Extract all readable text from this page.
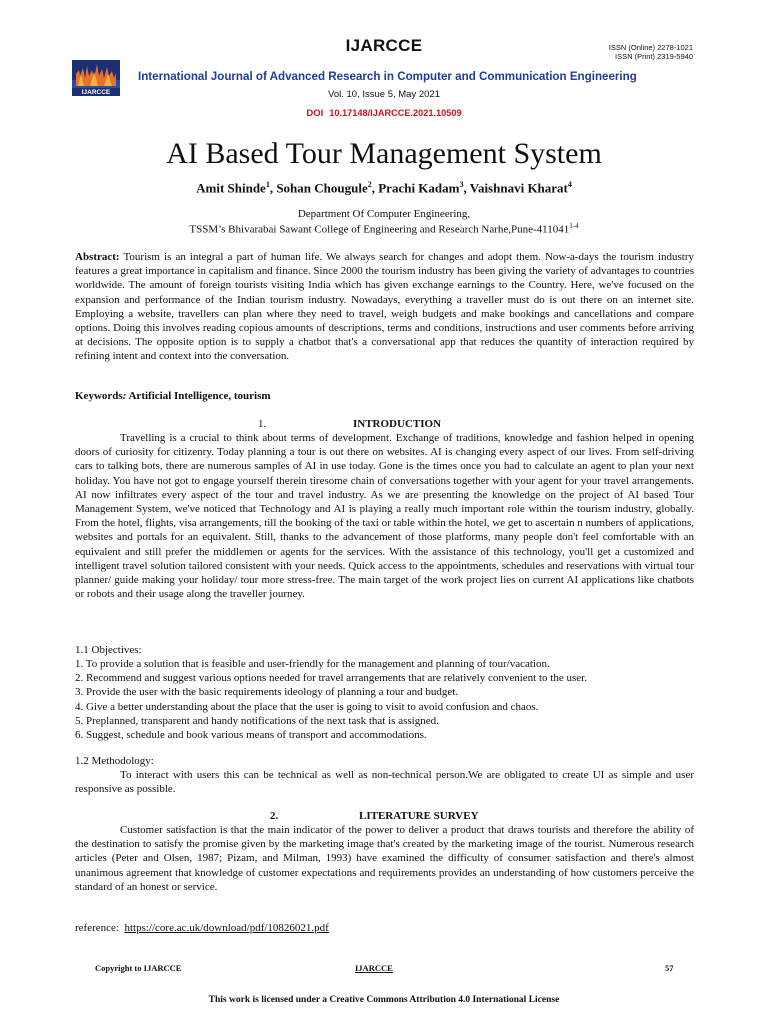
IJARCCE	ISSN (Online) 2278-1021
ISSN (Print) 2319-5940
IJARCCE
International Journal of Advanced Research in Computer and Communication Engineering
Vol. 10, Issue 5, May 2021
DOI 10.17148/IJARCCE.2021.10509
AI Based Tour Management System
Amit Shinde$^1$, Sohan Chougule$^2$, Prachi Kadam$^3$, Vaishnavi Kharat$^4$
Department Of Computer Engineering,
TSSM’s Bhivarabai Sawant College of Engineering and Research Narhe,Pune-411041$^{1-4}$
Abstract: Tourism is an integral a part of human life. We always search for changes and adopt them. Now-a-days the tourism industry features a great importance in capitalism and finance. Since 2000 the tourism industry has been giving the variety of advantages to countries worldwide. The amount of foreign tourists visiting India which has given exchange earnings to the Country. Here, we've focused on the expansion and performance of the Indian tourism industry. Nowadays, everything a traveller must do is out there on an internet site. Employing a website, travellers can plan where they need to travel, weigh budgets and make bookings and cancellations and compare options. Doing this involves reading copious amounts of descriptions, terms and conditions, instructions and user comments before arriving at decisions. The opposite option is to supply a chatbot that's a conversational app that reduces the quantity of interaction required by refining intent and context into the conversation.
Keywords: Artificial Intelligence, tourism
1.	INTRODUCTION
Travelling is a crucial to think about terms of development. Exchange of traditions, knowledge and fashion helped in opening doors of curiosity for citizenry. Today planning a tour is out there on websites. AI is changing every aspect of our lives. From self-driving cars to talking bots, there are numerous samples of AI in use today. Gone is the times once you had to calculate an agent to plan your next holiday. You have not got to engage yourself therein tiresome chain of conversations together with your agent for your travel arrangements. AI now infiltrates every aspect of the tour and travel industry. As we are presenting the knowledge on the project of AI based Tour Management System, we've noticed that Technology and AI is playing a really much important role within the tourism industry, globally. From the hotel, flights, visa arrangements, till the booking of the taxi or table within the hotel, we get to ascertain n numbers of applications, websites and portals for an equivalent. Still, thanks to the advancement of those platforms, many people don't feel comfortable with an equivalent and still prefer the middlemen or agents for the services. With the assistance of this technology, you'll get a customized and intelligent travel solution tailored consistent with your needs. Quick access to the appointments, schedules and reservations with virtual tour planner/ guide making your holiday/ tour more stress-free. The main target of the work project lies on current AI applications like chatbots or robots and their usage along the traveller journey.
1.1 Objectives:
1. To provide a solution that is feasible and user-friendly for the management and planning of tour/vacation.
2. Recommend and suggest various options needed for travel arrangements that are relatively convenient to the user.
3. Provide the user with the basic requirements ideology of planning a tour and budget.
4. Give a better understanding about the place that the user is going to visit to avoid confusion and chaos.
5. Preplanned, transparent and handy notifications of the next task that is assigned.
6. Suggest, schedule and book various means of transport and accommodations.
1.2 Methodology:
To interact with users this can be technical as well as non-technical person.We are obligated to create UI as simple and user responsive as possible.
2.	LITERATURE SURVEY
Customer satisfaction is that the main indicator of the power to deliver a product that draws tourists and therefore the ability of the destination to satisfy the promise given by the marketing image that's created by the marketing image of the tourist. Numerous research articles (Peter and Olsen, 1987; Pizam, and Milman, 1993) have examined the difficulty of consumer satisfaction and there's almost unanimous agreement that knowledge of customer expectations and requirements provides an understanding of how customers perceive the standard of an honest or service.
reference:  https://core.ac.uk/download/pdf/10826021.pdf
Copyright to IJARCCE	IJARCCE	57
This work is licensed under a Creative Commons Attribution 4.0 International License
